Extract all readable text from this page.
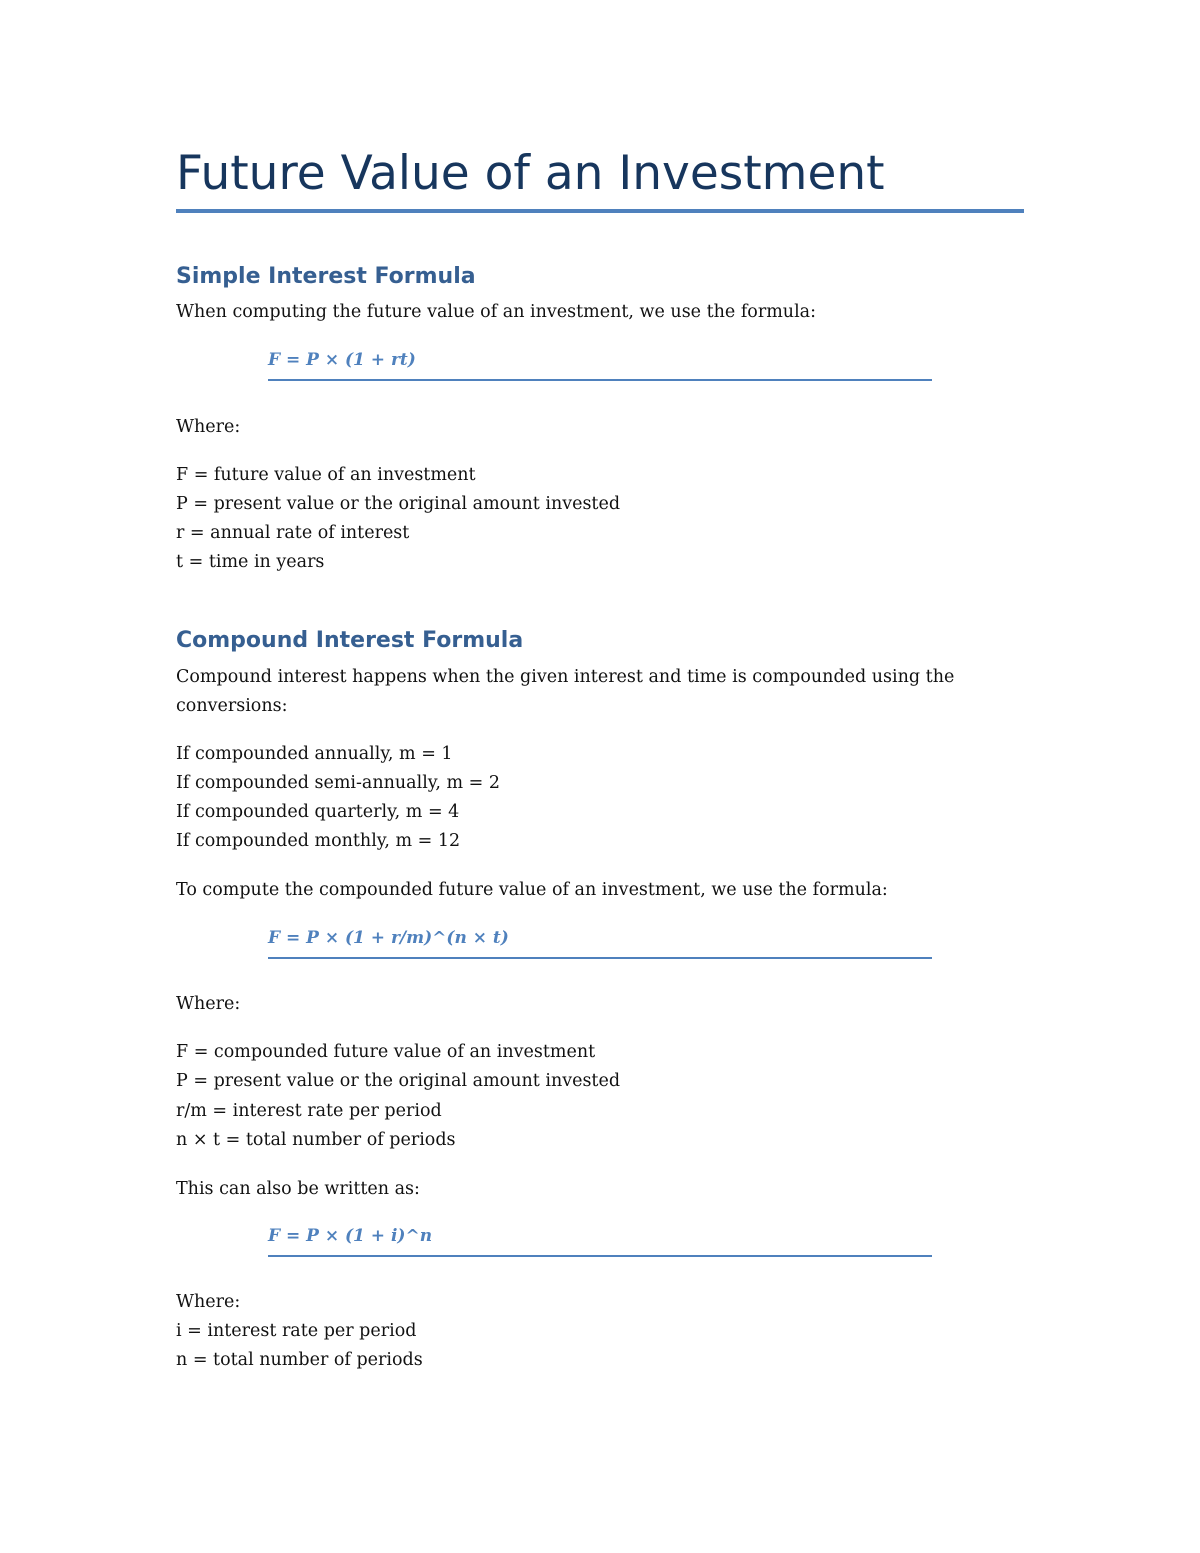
Future Value of an Investment
Simple Interest Formula
When computing the future value of an investment, we use the formula:
F = P × (1 + rt)
Where:
F = future value of an investment
P = present value or the original amount invested
r = annual rate of interest
t = time in years
Compound Interest Formula
Compound interest happens when the given interest and time is compounded using the
conversions:
If compounded annually, m = 1
If compounded semi-annually, m = 2
If compounded quarterly, m = 4
If compounded monthly, m = 12
To compute the compounded future value of an investment, we use the formula:
F = P × (1 + r/m)^(n × t)
Where:
F = compounded future value of an investment
P = present value or the original amount invested
r/m = interest rate per period
n × t = total number of periods
This can also be written as:
F = P × (1 + i)^n
Where:
i = interest rate per period
n = total number of periods
